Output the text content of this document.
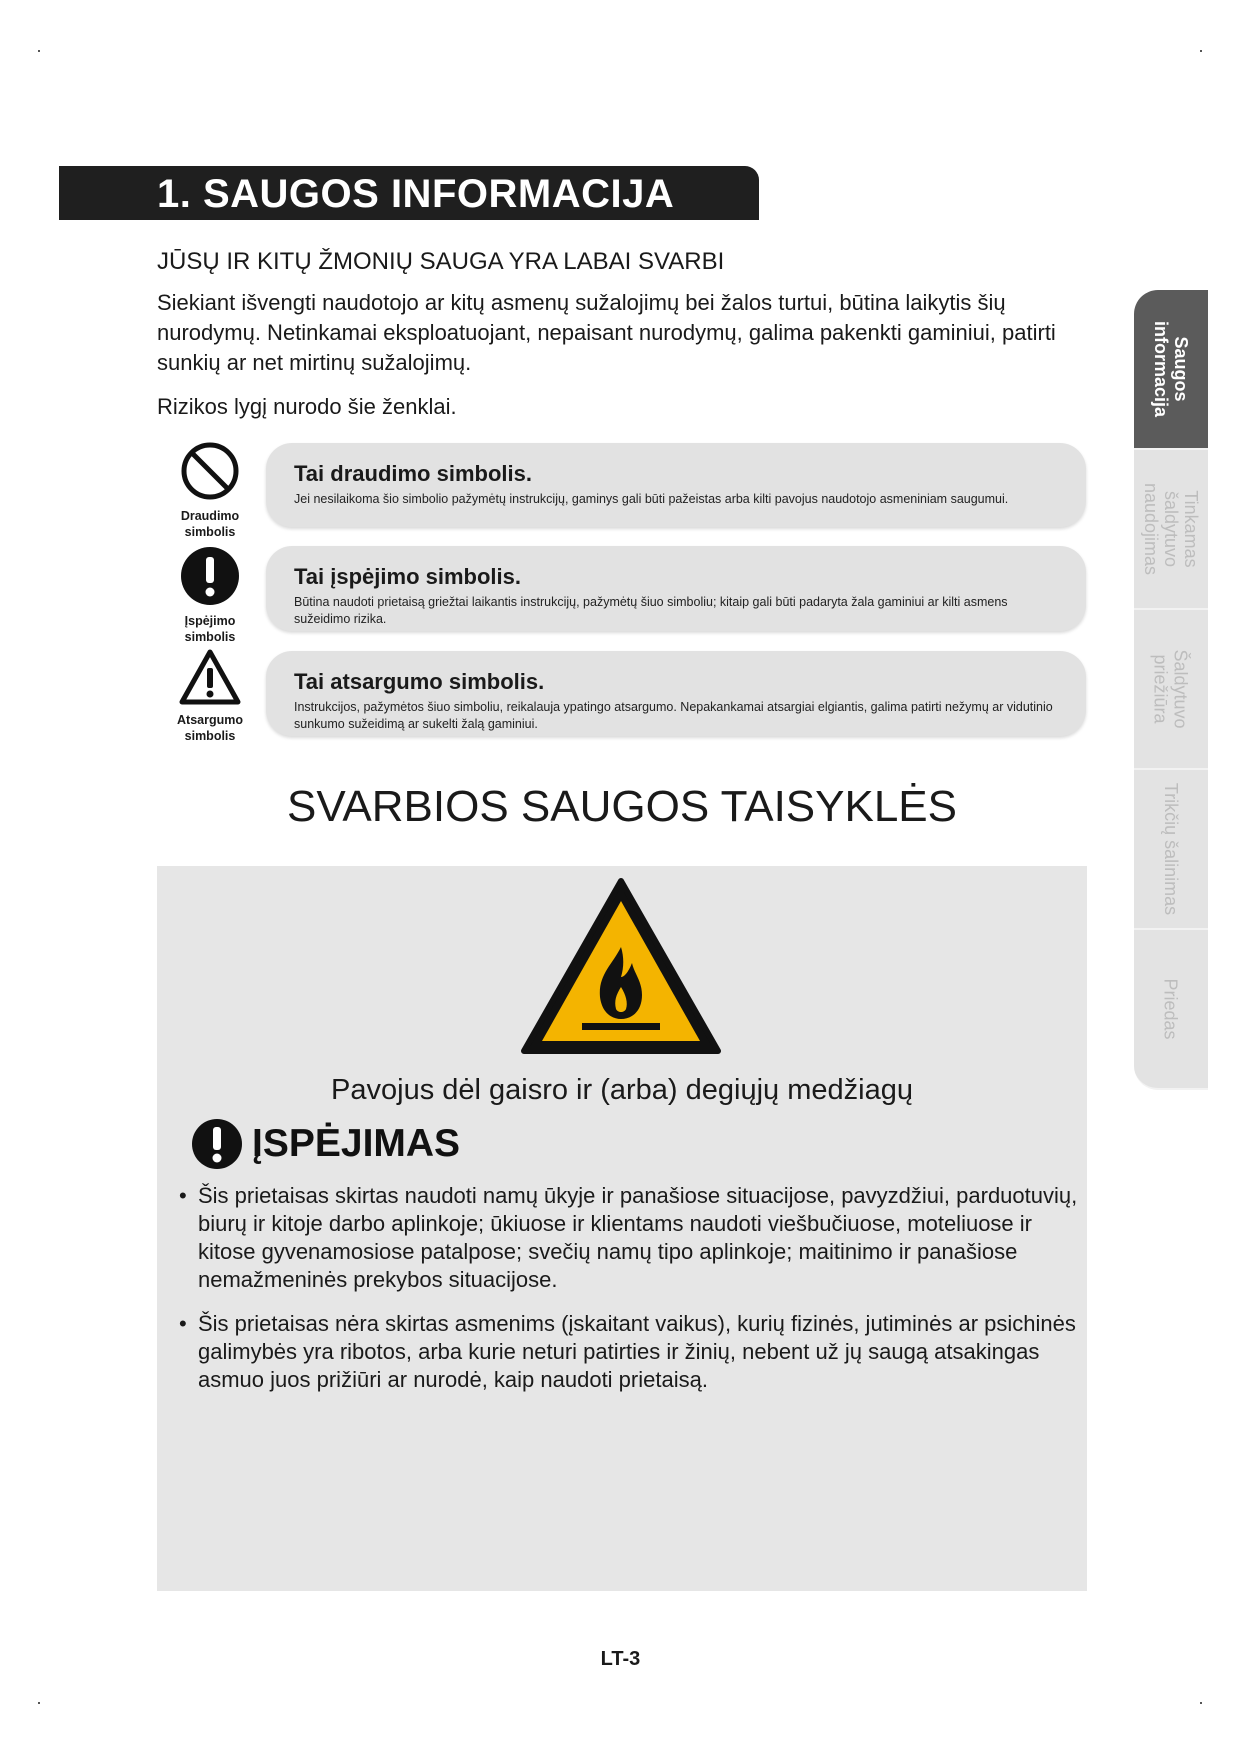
1. SAUGOS INFORMACIJA
JŪSŲ IR KITŲ ŽMONIŲ SAUGA YRA LABAI SVARBI
Siekiant išvengti naudotojo ar kitų asmenų sužalojimų bei žalos turtui, būtina laikytis šių nurodymų. Netinkamai eksploatuojant, nepaisant nurodymų, galima pakenkti gaminiui, patirti sunkių ar net mirtinų sužalojimų.
Rizikos lygį nurodo šie ženklai.
Draudimo simbolis
Tai draudimo simbolis.
Jei nesilaikoma šio simbolio pažymėtų instrukcijų, gaminys gali būti pažeistas arba kilti pavojus naudotojo asmeniniam saugumui.
Įspėjimo simbolis
Tai įspėjimo simbolis.
Būtina naudoti prietaisą griežtai laikantis instrukcijų, pažymėtų šiuo simboliu; kitaip gali būti padaryta žala gaminiui ar kilti asmens sužeidimo rizika.
Atsargumo simbolis
Tai atsargumo simbolis.
Instrukcijos, pažymėtos šiuo simboliu, reikalauja ypatingo atsargumo. Nepakankamai atsargiai elgiantis, galima patirti nežymų ar vidutinio sunkumo sužeidimą ar sukelti žalą gaminiui.
SVARBIOS SAUGOS TAISYKLĖS
Pavojus dėl gaisro ir (arba) degiųjų medžiagų
ĮSPĖJIMAS
• Šis prietaisas skirtas naudoti namų ūkyje ir panašiose situacijose, pavyzdžiui, parduotuvių, biurų ir kitoje darbo aplinkoje; ūkiuose ir klientams naudoti viešbučiuose, moteliuose ir kitose gyvenamosiose patalpose; svečių namų tipo aplinkoje; maitinimo ir panašiose nemažmeninės prekybos situacijose.
• Šis prietaisas nėra skirtas asmenims (įskaitant vaikus), kurių fizinės, jutiminės ar psichinės galimybės yra ribotos, arba kurie neturi patirties ir žinių, nebent už jų saugą atsakingas asmuo juos prižiūri ar nurodė, kaip naudoti prietaisą.
LT-3
Saugos informacija
Tinkamas šaldytuvo naudojimas
Šaldytuvo priežiūra
Trikčių šalinimas
Priedas
